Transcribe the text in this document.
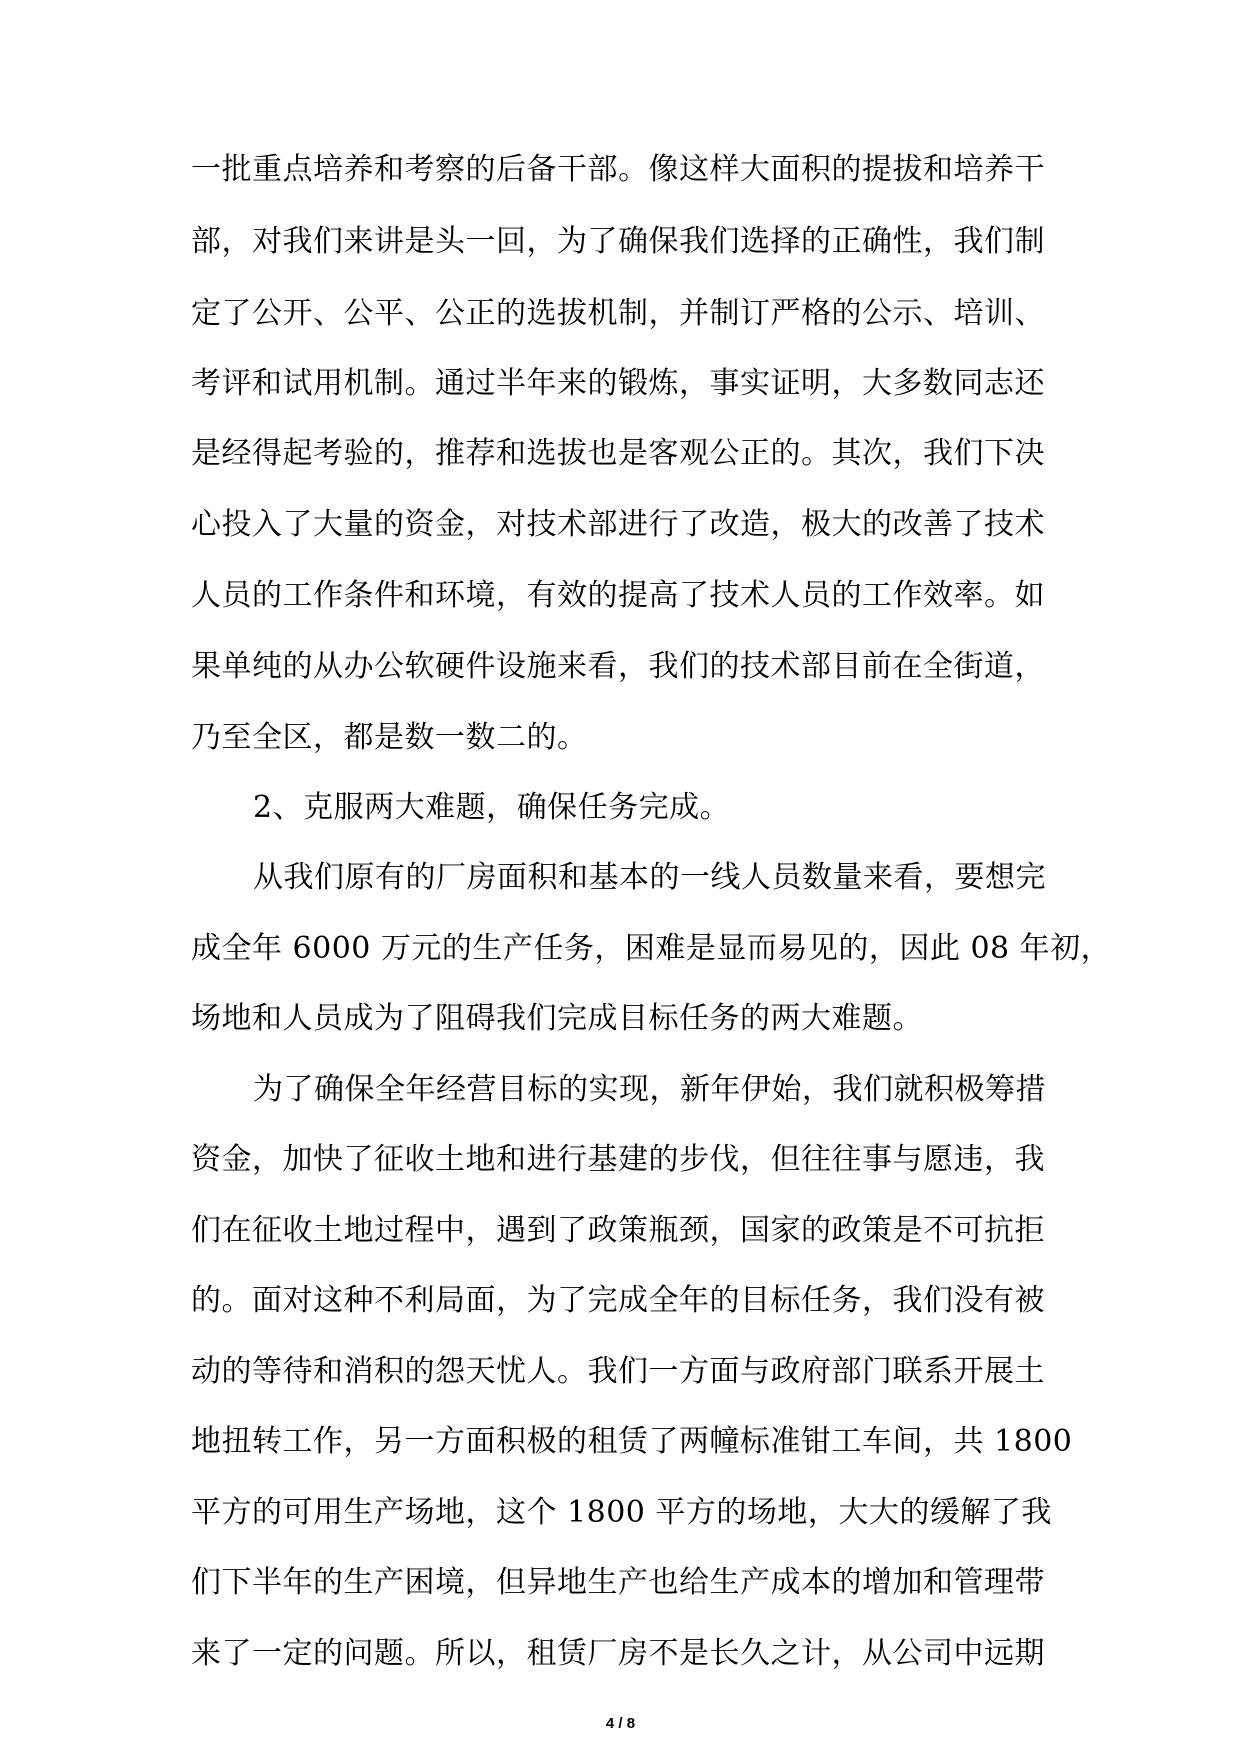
一批重点培养和考察的后备干部。像这样大面积的提拔和培养干
部，对我们来讲是头一回，为了确保我们选择的正确性，我们制
定了公开、公平、公正的选拔机制，并制订严格的公示、培训、
考评和试用机制。通过半年来的锻炼，事实证明，大多数同志还
是经得起考验的，推荐和选拔也是客观公正的。其次，我们下决
心投入了大量的资金，对技术部进行了改造，极大的改善了技术
人员的工作条件和环境，有效的提高了技术人员的工作效率。如
果单纯的从办公软硬件设施来看，我们的技术部目前在全街道，
乃至全区，都是数一数二的。
2、克服两大难题，确保任务完成。
从我们原有的厂房面积和基本的一线人员数量来看，要想完
成全年 6000 万元的生产任务，困难是显而易见的，因此 08 年初，
场地和人员成为了阻碍我们完成目标任务的两大难题。
为了确保全年经营目标的实现，新年伊始，我们就积极筹措
资金，加快了征收土地和进行基建的步伐，但往往事与愿违，我
们在征收土地过程中，遇到了政策瓶颈，国家的政策是不可抗拒
的。面对这种不利局面，为了完成全年的目标任务，我们没有被
动的等待和消积的怨天忧人。我们一方面与政府部门联系开展土
地扭转工作，另一方面积极的租赁了两幢标准钳工车间，共 1800
平方的可用生产场地，这个 1800 平方的场地，大大的缓解了我
们下半年的生产困境，但异地生产也给生产成本的增加和管理带
来了一定的问题。所以，租赁厂房不是长久之计，从公司中远期
4 / 8
